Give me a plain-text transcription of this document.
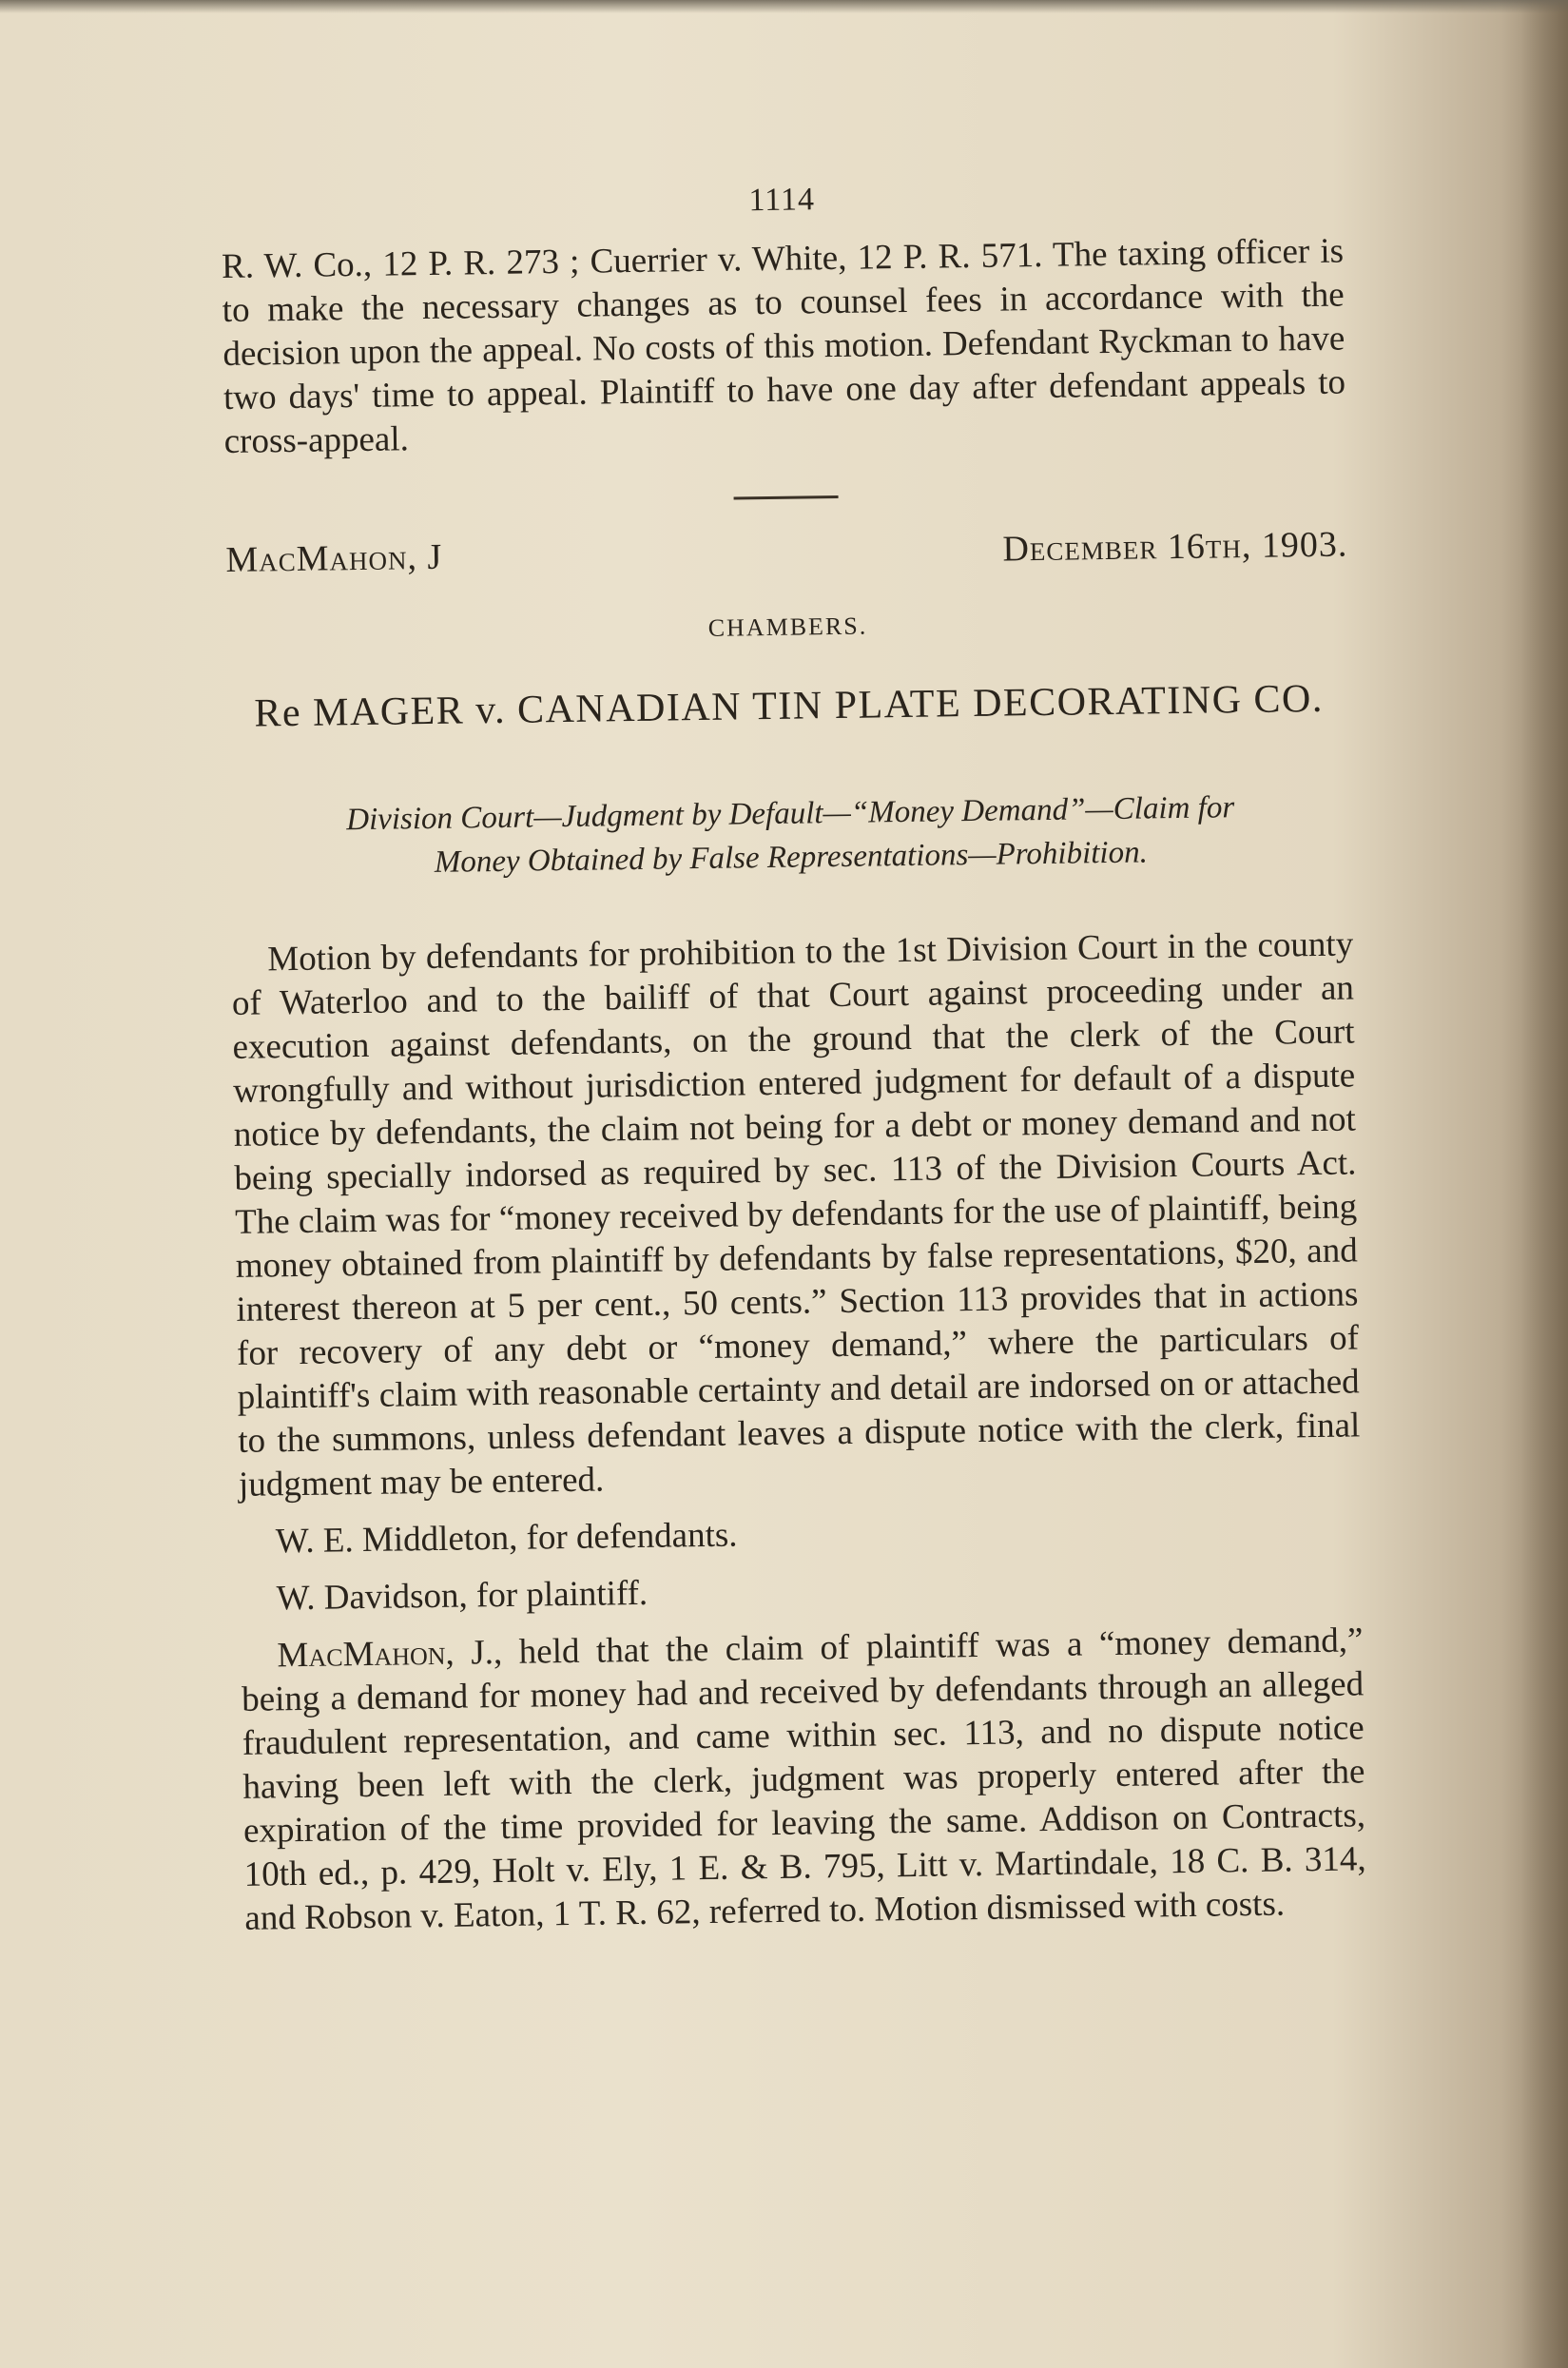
1114

R. W. Co., 12 P. R. 273 ; Cuerrier v. White, 12 P. R. 571. The taxing officer is to make the necessary changes as to counsel fees in accordance with the decision upon the appeal. No costs of this motion. Defendant Ryckman to have two days' time to appeal. Plaintiff to have one day after defendant appeals to cross-appeal.

MacMahon, J	December 16th, 1903.
CHAMBERS.
Re MAGER v. CANADIAN TIN PLATE DECORATING CO.
Division Court—Judgment by Default—“Money Demand”—Claim for
Money Obtained by False Representations—Prohibition.

Motion by defendants for prohibition to the 1st Division Court in the county of Waterloo and to the bailiff of that Court against proceeding under an execution against defendants, on the ground that the clerk of the Court wrongfully and without jurisdiction entered judgment for default of a dispute notice by defendants, the claim not being for a debt or money demand and not being specially indorsed as required by sec. 113 of the Division Courts Act. The claim was for “money received by defendants for the use of plaintiff, being money obtained from plaintiff by defendants by false representations, $20, and interest thereon at 5 per cent., 50 cents.” Section 113 provides that in actions for recovery of any debt or “money demand,” where the particulars of plaintiff's claim with reasonable certainty and detail are indorsed on or attached to the summons, unless defendant leaves a dispute notice with the clerk, final judgment may be entered.

W. E. Middleton, for defendants.

W. Davidson, for plaintiff.

MacMahon, J., held that the claim of plaintiff was a “money demand,” being a demand for money had and received by defendants through an alleged fraudulent representation, and came within sec. 113, and no dispute notice having been left with the clerk, judgment was properly entered after the expiration of the time provided for leaving the same. Addison on Contracts, 10th ed., p. 429, Holt v. Ely, 1 E. & B. 795, Litt v. Martindale, 18 C. B. 314, and Robson v. Eaton, 1 T. R. 62, referred to. Motion dismissed with costs.
